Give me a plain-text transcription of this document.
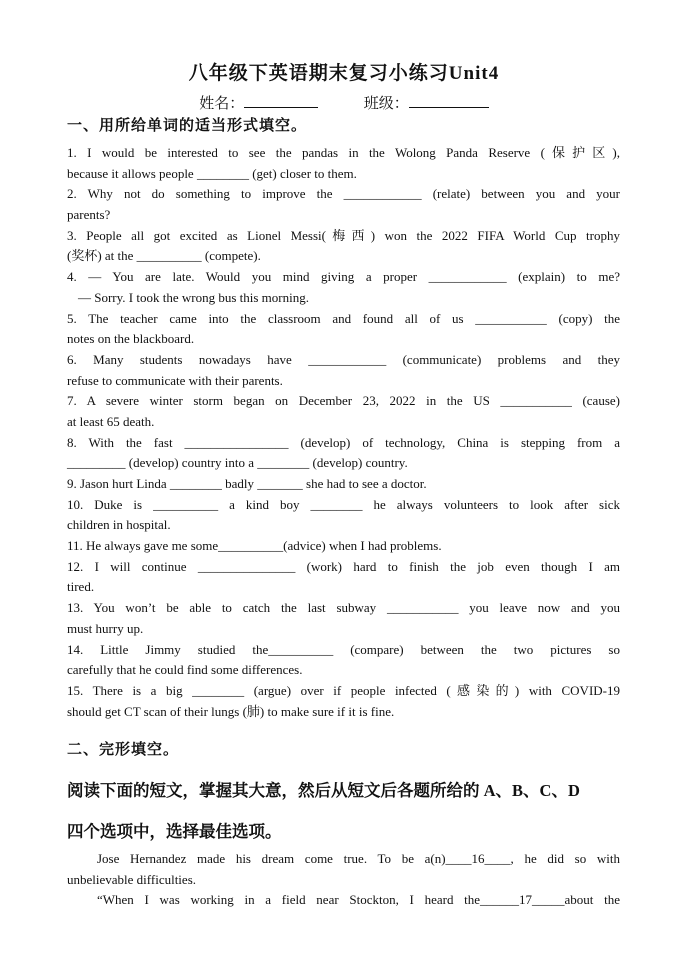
八年级下英语期末复习小练习Unit4
姓名：	班级：
一、用所给单词的适当形式填空。
1. I would be interested to see the pandas in the Wolong Panda Reserve (保护区),
because it allows people ________ (get) closer to them.
2. Why not do something to improve the ____________ (relate) between you and your
parents?
3. People all got excited as Lionel Messi(梅西) won the 2022 FIFA World Cup trophy
(奖杯) at the __________ (compete).
4. — You are late. Would you mind giving a proper ____________ (explain) to me?
— Sorry. I took the wrong bus this morning.
5. The teacher came into the classroom and found all of us ___________ (copy) the
notes on the blackboard.
6. Many students nowadays have ____________ (communicate) problems and they
refuse to communicate with their parents.
7. A severe winter storm began on December 23, 2022 in the US ___________ (cause)
at least 65 death.
8. With the fast ________________ (develop) of technology, China is stepping from a
_________ (develop) country into a ________ (develop) country.
9. Jason hurt Linda ________ badly _______ she had to see a doctor.
10. Duke is __________ a kind boy ________ he always volunteers to look after sick
children in hospital.
11. He always gave me some__________(advice) when I had problems.
12. I will continue _______________ (work) hard to finish the job even though I am
tired.
13. You won’t be able to catch the last subway ___________ you leave now and you
must hurry up.
14. Little Jimmy studied the__________ (compare) between the two pictures so
carefully that he could find some differences.
15. There is a big ________ (argue) over if people infected (感染的) with COVID-19
should get CT scan of their lungs (肺) to make sure if it is fine.
二、完形填空。
阅读下面的短文，掌握其大意，然后从短文后各题所给的 A、B、C、D
四个选项中，选择最佳选项。
Jose Hernandez made his dream come true. To be a(n)____16____, he did so with
unbelievable difficulties.
“When I was working in a field near Stockton, I heard the______17_____about the
